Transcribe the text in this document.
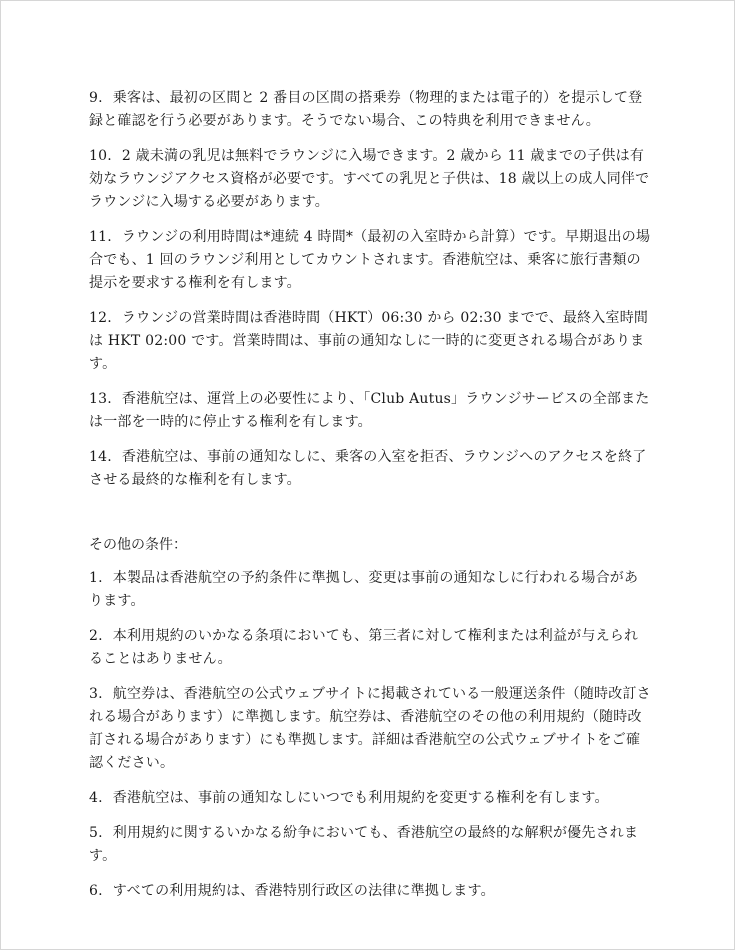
9. 乗客は、最初の区間と 2 番目の区間の搭乗券（物理的または電子的）を提示して登録と確認を行う必要があります。そうでない場合、この特典を利用できません。

10. 2 歳未満の乳児は無料でラウンジに入場できます。2 歳から 11 歳までの子供は有効なラウンジアクセス資格が必要です。すべての乳児と子供は、18 歳以上の成人同伴でラウンジに入場する必要があります。

11. ラウンジの利用時間は*連続 4 時間*（最初の入室時から計算）です。早期退出の場合でも、1 回のラウンジ利用としてカウントされます。香港航空は、乗客に旅行書類の提示を要求する権利を有します。

12. ラウンジの営業時間は香港時間（HKT）06:30 から 02:30 までで、最終入室時間は HKT 02:00 です。営業時間は、事前の通知なしに一時的に変更される場合があります。

13. 香港航空は、運営上の必要性により、「Club Autus」ラウンジサービスの全部または一部を一時的に停止する権利を有します。

14. 香港航空は、事前の通知なしに、乗客の入室を拒否、ラウンジへのアクセスを終了させる最終的な権利を有します。

その他の条件：

1. 本製品は香港航空の予約条件に準拠し、変更は事前の通知なしに行われる場合があります。

2. 本利用規約のいかなる条項においても、第三者に対して権利または利益が与えられることはありません。

3. 航空券は、香港航空の公式ウェブサイトに掲載されている一般運送条件（随時改訂される場合があります）に準拠します。航空券は、香港航空のその他の利用規約（随時改訂される場合があります）にも準拠します。詳細は香港航空の公式ウェブサイトをご確認ください。

4. 香港航空は、事前の通知なしにいつでも利用規約を変更する権利を有します。

5. 利用規約に関するいかなる紛争においても、香港航空の最終的な解釈が優先されます。

6. すべての利用規約は、香港特別行政区の法律に準拠します。
